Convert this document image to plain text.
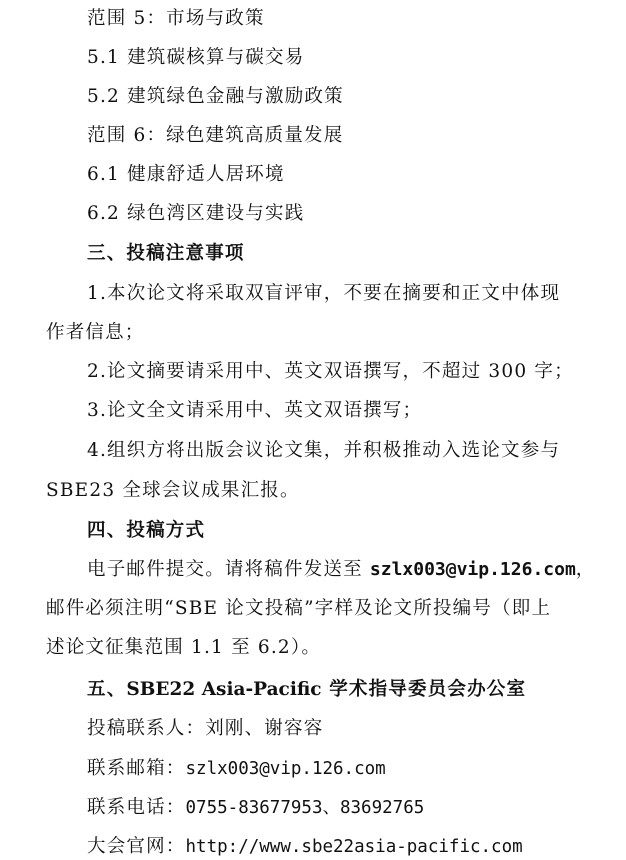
范围 5：市场与政策
5.1 建筑碳核算与碳交易
5.2 建筑绿色金融与激励政策
范围 6：绿色建筑高质量发展
6.1 健康舒适人居环境
6.2 绿色湾区建设与实践
三、投稿注意事项
1.本次论文将采取双盲评审，不要在摘要和正文中体现
作者信息；
2.论文摘要请采用中、英文双语撰写，不超过 300 字；
3.论文全文请采用中、英文双语撰写；
4.组织方将出版会议论文集，并积极推动入选论文参与
SBE23 全球会议成果汇报。
四、投稿方式
电子邮件提交。请将稿件发送至 szlx003@vip.126.com，
邮件必须注明“SBE 论文投稿”字样及论文所投编号（即上
述论文征集范围 1.1 至 6.2）。
五、SBE22 Asia-Pacific 学术指导委员会办公室
投稿联系人：刘刚、谢容容
联系邮箱：szlx003@vip.126.com
联系电话：0755-83677953、83692765
大会官网：http://www.sbe22asia-pacific.com
